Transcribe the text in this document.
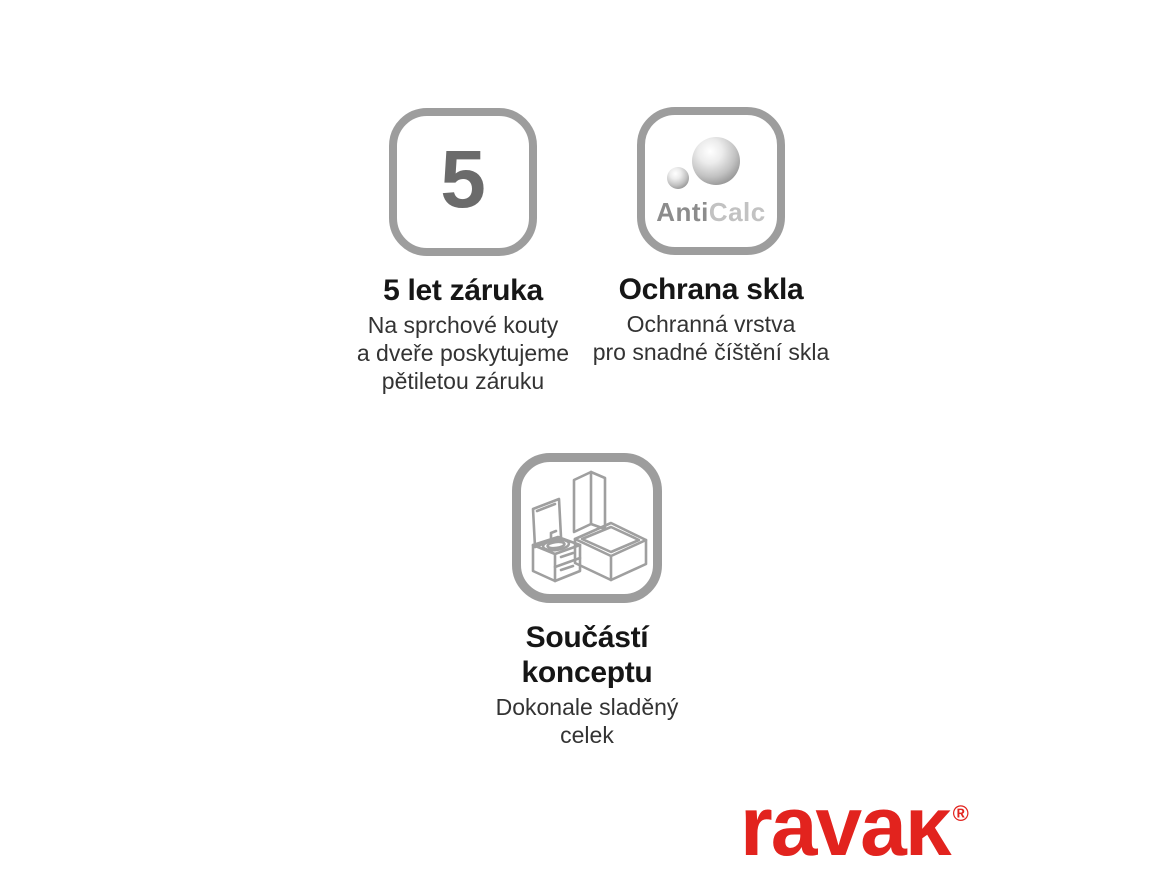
5
5 let záruka
Na sprchové kouty
a dveře poskytujeme
pětiletou záruku
AntiCalc
Ochrana skla
Ochranná vrstva
pro snadné číštění skla
Součástí
konceptu
Dokonale sladěný
celek
ravaĸ ®
